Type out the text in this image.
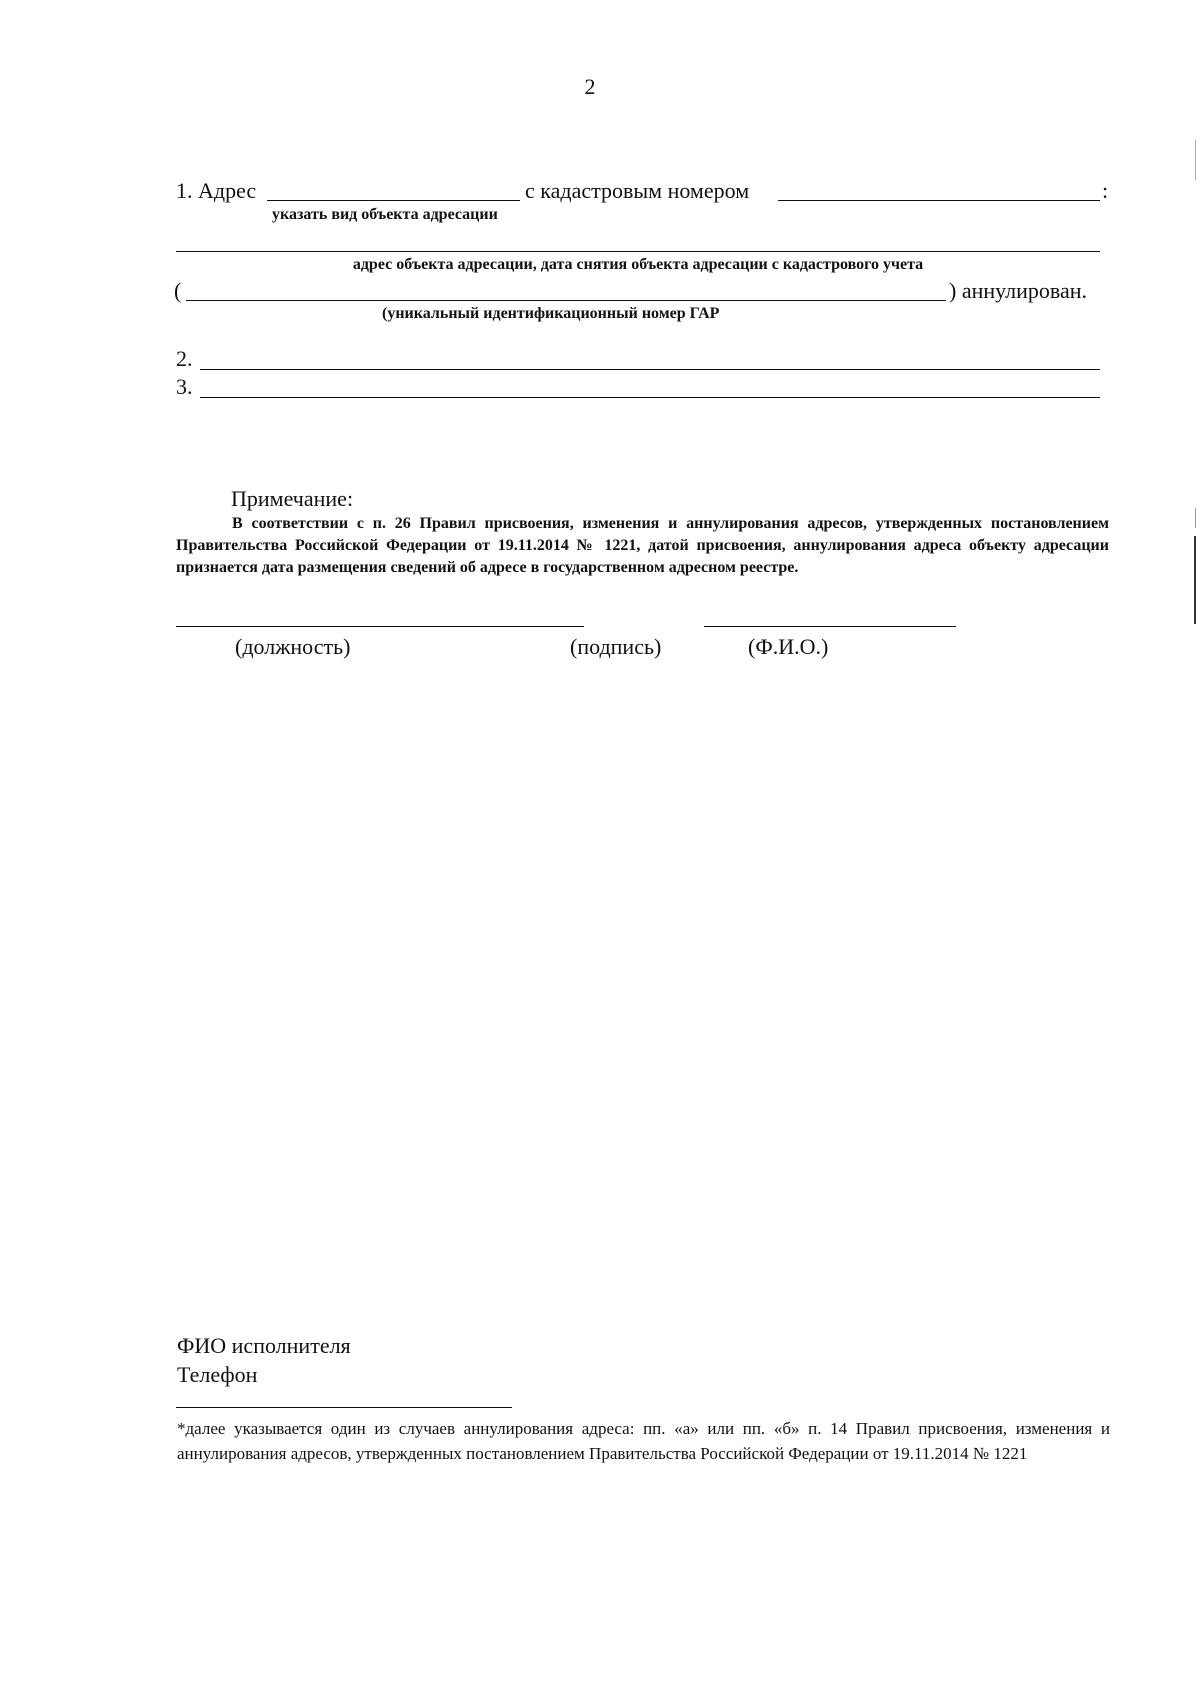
2
1. Адрес	с кадастровым номером	:
указать вид объекта адресации
адрес объекта адресации, дата снятия объекта адресации с кадастрового учета
(	) аннулирован.
(уникальный идентификационный номер ГАР
2.
3.
Примечание:
В соответствии с п. 26 Правил присвоения, изменения и аннулирования адресов, утвержденных постановлением Правительства Российской Федерации от 19.11.2014 № 1221, датой присвоения, аннулирования адреса объекту адресации признается дата размещения сведений об адресе в государственном адресном реестре.
(должность)	(подпись)	(Ф.И.О.)
ФИО исполнителя
Телефон
*далее указывается один из случаев аннулирования адреса: пп. «а» или пп. «б» п. 14 Правил присвоения, изменения и аннулирования адресов, утвержденных постановлением Правительства Российской Федерации от 19.11.2014 № 1221
